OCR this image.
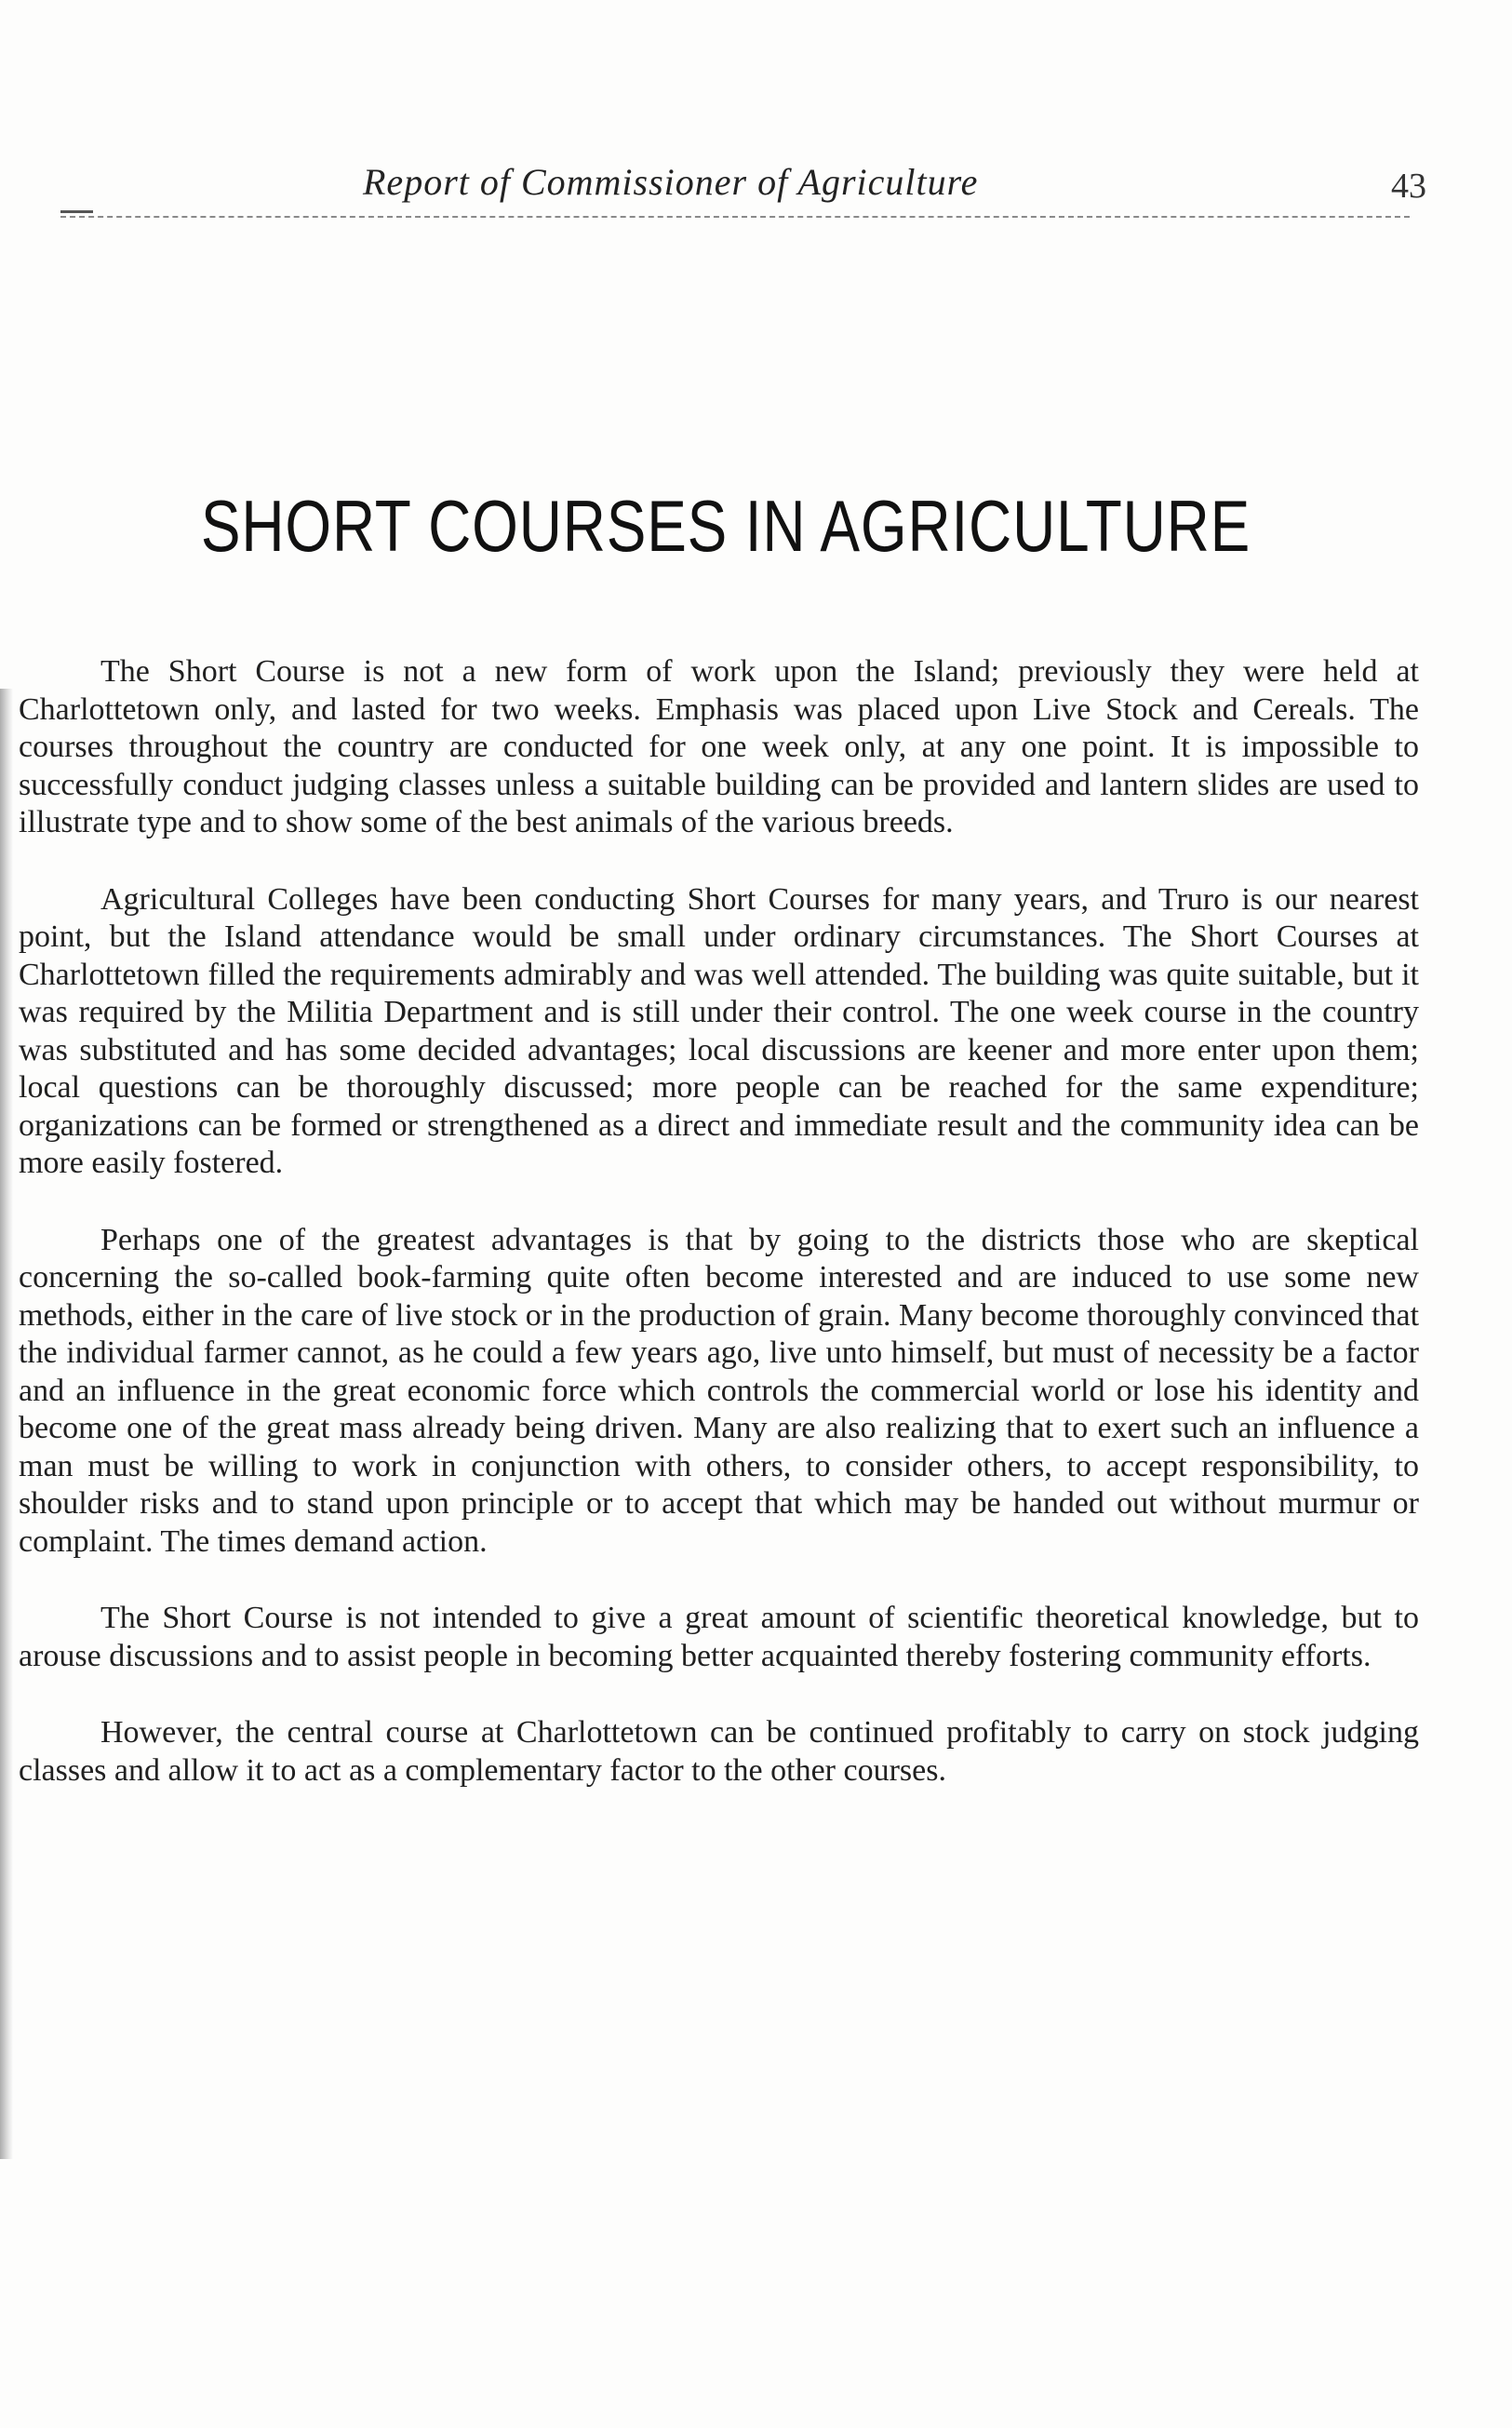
Report of Commissioner of Agriculture	43
SHORT COURSES IN AGRICULTURE

The Short Course is not a new form of work upon the Island; previously they were held at Charlottetown only, and lasted for two weeks. Emphasis was placed upon Live Stock and Cereals. The courses throughout the country are conducted for one week only, at any one point. It is impossible to successfully conduct judging classes unless a suitable building can be provided and lantern slides are used to illustrate type and to show some of the best animals of the various breeds.

Agricultural Colleges have been conducting Short Courses for many years, and Truro is our nearest point, but the Island attendance would be small under ordinary circumstances. The Short Courses at Charlottetown filled the requirements admirably and was well attended. The building was quite suitable, but it was required by the Militia Department and is still under their control. The one week course in the country was substituted and has some decided advantages; local discussions are keener and more enter upon them; local questions can be thoroughly discussed; more people can be reached for the same expenditure; organizations can be formed or strengthened as a direct and immediate result and the community idea can be more easily fostered.

Perhaps one of the greatest advantages is that by going to the districts those who are skeptical concerning the so-called book-farming quite often become interested and are induced to use some new methods, either in the care of live stock or in the production of grain. Many become thoroughly convinced that the individual farmer cannot, as he could a few years ago, live unto himself, but must of necessity be a factor and an influence in the great economic force which controls the commercial world or lose his identity and become one of the great mass already being driven. Many are also realizing that to exert such an influence a man must be willing to work in conjunction with others, to consider others, to accept responsibility, to shoulder risks and to stand upon principle or to accept that which may be handed out without murmur or complaint. The times demand action.

The Short Course is not intended to give a great amount of scientific theoretical knowledge, but to arouse discussions and to assist people in becoming better acquainted thereby fostering community efforts.

However, the central course at Charlottetown can be continued profitably to carry on stock judging classes and allow it to act as a complementary factor to the other courses.
